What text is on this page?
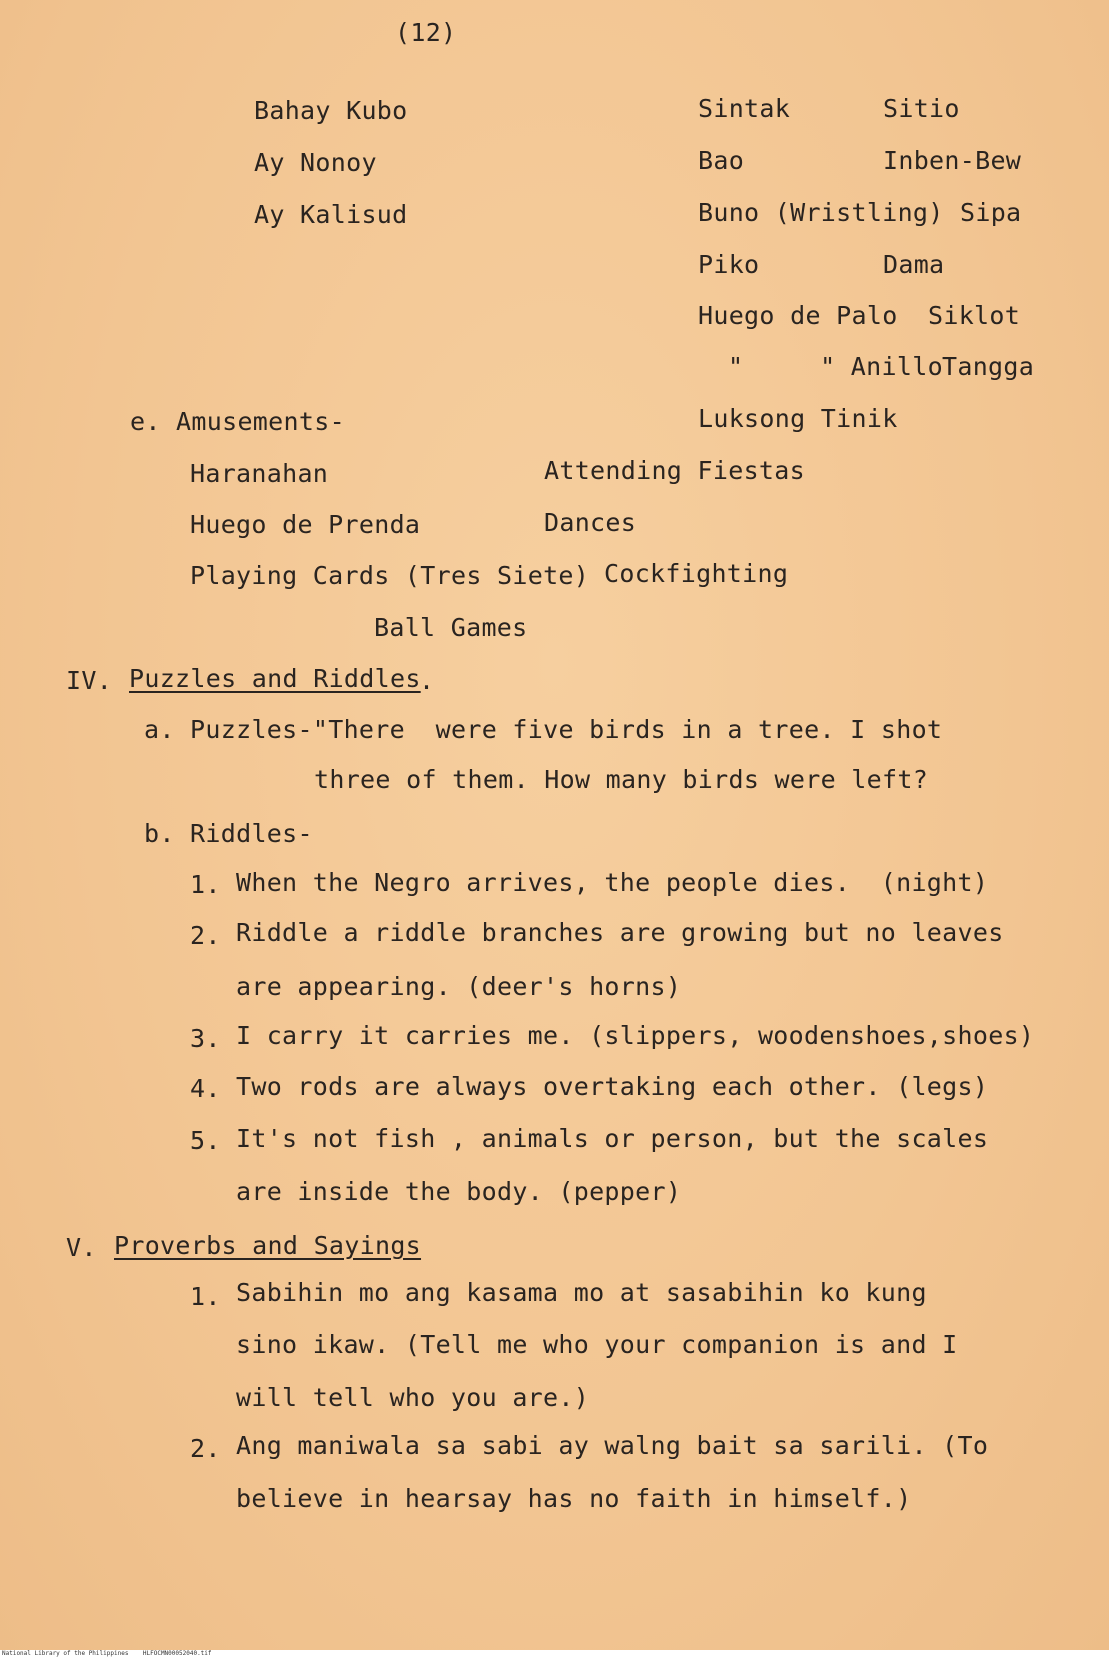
(12)
Bahay Kubo
Ay Nonoy
Ay Kalisud
Sintak	Sitio
Bao	Inben-Bew
Buno (Wristling) Sipa
Piko	Dama
Huego de Palo Siklot
"     " Anillo Tangga
Luksong Tinik
e. Amusements-
Haranahan	Attending Fiestas
Huego de Prenda	Dances
Playing Cards (Tres Siete) Cockfighting
Ball Games
IV. Puzzles and Riddles
.
a. Puzzles-"There  were five birds in a tree. I shot
three of them. How many birds were left?
b. Riddles-
1. When the Negro arrives, the people dies.  (night)
2. Riddle a riddle branches are growing but no leaves
are appearing. (deer's horns)
3. I carry it carries me. (slippers, woodenshoes,shoes)
4. Two rods are always overtaking each other. (legs)
5. It's not fish , animals or person, but the scales
are inside the body. (pepper)
V. Proverbs and Sayings
1. Sabihin mo ang kasama mo at sasabihin ko kung
sino ikaw. (Tell me who your companion is and I
will tell who you are.)
2. Ang maniwala sa sabi ay walng bait sa sarili. (To
believe in hearsay has no faith in himself.)
National Library of the Philippines    HLFOCMN00052040.tif
